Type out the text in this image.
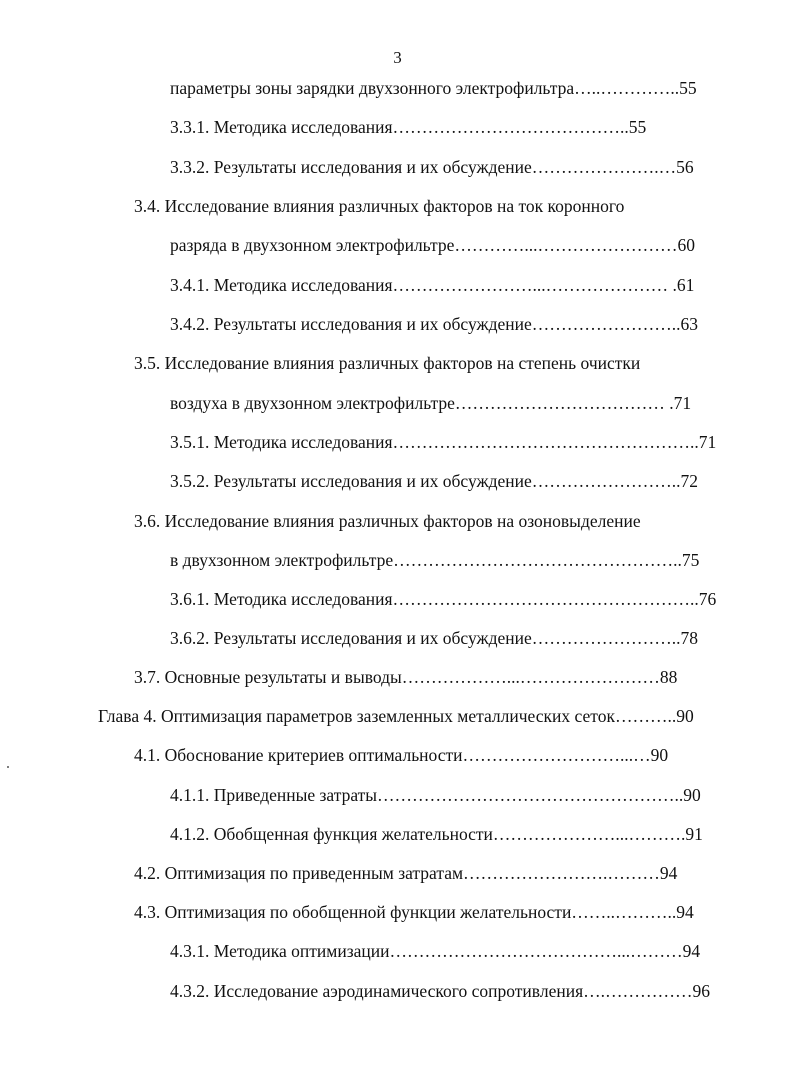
3
параметры зоны зарядки двухзонного электрофильтра…..…………..55
3.3.1. Методика исследования…………………………………..55
3.3.2. Результаты исследования и их обсуждение………………….…56
3.4. Исследование влияния различных факторов на ток коронного
разряда в двухзонном электрофильтре…………...……………………60
3.4.1. Методика исследования……………………...………………… .61
3.4.2. Результаты исследования и их обсуждение……………………..63
3.5. Исследование влияния различных факторов на степень очистки
воздуха в двухзонном электрофильтре……………………………… .71
3.5.1. Методика исследования……………………………………………..71
3.5.2. Результаты исследования и их обсуждение……………………..72
3.6. Исследование влияния различных факторов на озоновыделение
в двухзонном электрофильтре…………………………………………..75
3.6.1. Методика исследования……………………………………………..76
3.6.2. Результаты исследования и их обсуждение……………………..78
3.7. Основные результаты и выводы………………...……………………88
Глава 4. Оптимизация параметров заземленных металлических сеток………..90
4.1. Обоснование критериев оптимальности………………………...…90
4.1.1. Приведенные затраты……………………………………………..90
4.1.2. Обобщенная функция желательности…………………...……….91
4.2. Оптимизация по приведенным затратам…………………….………94
4.3. Оптимизация по обобщенной функции желательности……..………..94
4.3.1. Методика оптимизации…………………………………...………94
4.3.2. Исследование аэродинамического сопротивления….……………96
